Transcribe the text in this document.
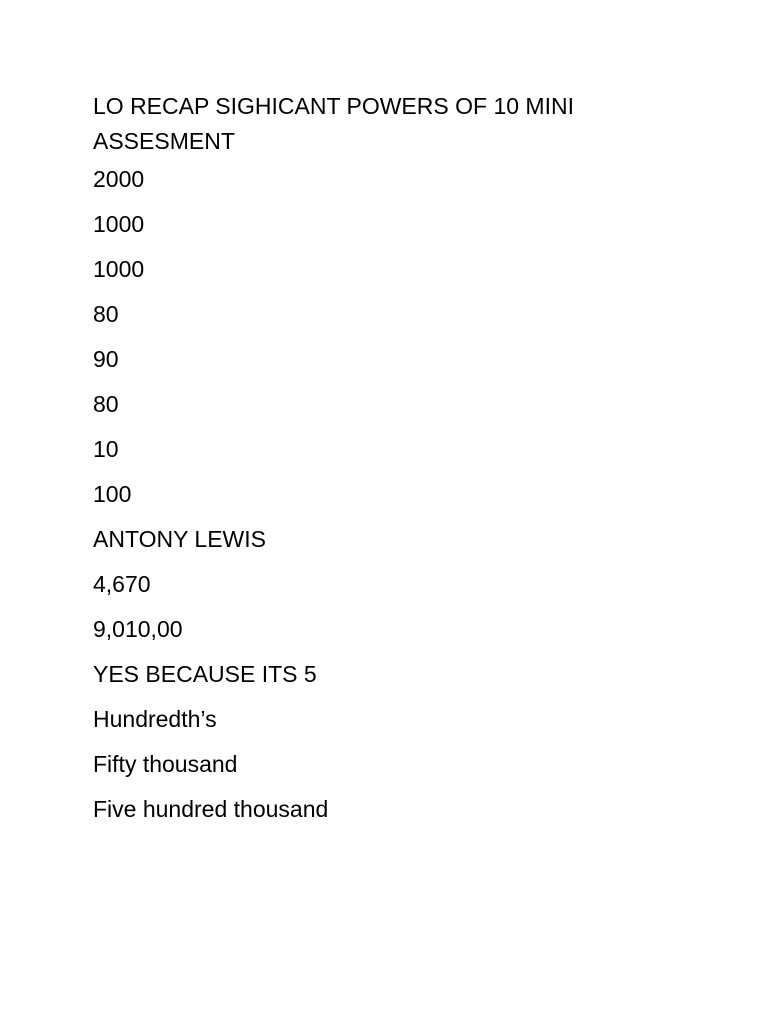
LO RECAP SIGHICANT POWERS OF 10 MINI ASSESMENT

2000
1000
1000
80
90
80
10
100
ANTONY LEWIS
4,670
9,010,00
YES BECAUSE ITS 5
Hundredth’s
Fifty thousand
Five hundred thousand
